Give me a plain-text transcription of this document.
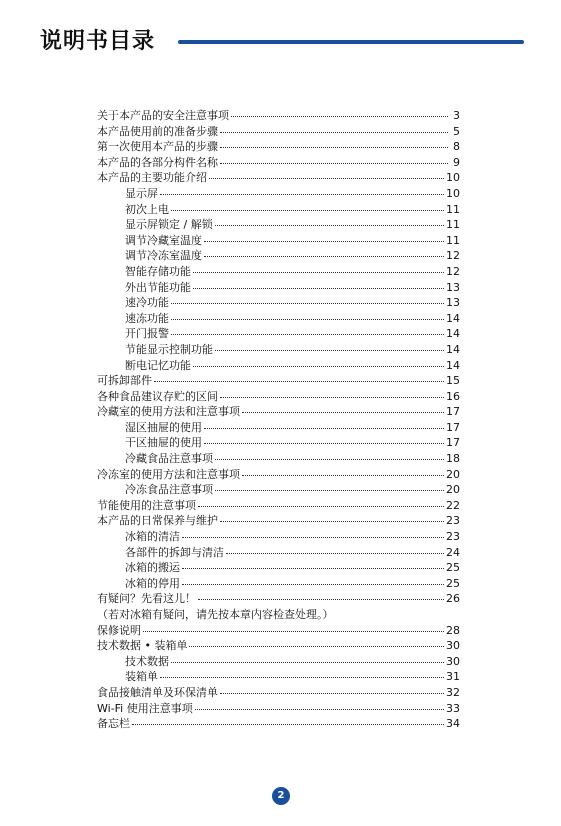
说明书目录
关于本产品的安全注意事项	3
本产品使用前的准备步骤	5
第一次使用本产品的步骤	8
本产品的各部分构件名称	9
本产品的主要功能介绍	10
显示屏	10
初次上电	11
显示屏锁定 / 解锁	11
调节冷藏室温度	11
调节冷冻室温度	12
智能存储功能	12
外出节能功能	13
速冷功能	13
速冻功能	14
开门报警	14
节能显示控制功能	14
断电记忆功能	14
可拆卸部件	15
各种食品建议存贮的区间	16
冷藏室的使用方法和注意事项	17
湿区抽屉的使用	17
干区抽屉的使用	17
冷藏食品注意事项	18
冷冻室的使用方法和注意事项	20
冷冻食品注意事项	20
节能使用的注意事项	22
本产品的日常保养与维护	23
冰箱的清洁	23
各部件的拆卸与清洁	24
冰箱的搬运	25
冰箱的停用	25
有疑问？先看这儿！	26
（若对冰箱有疑问，请先按本章内容检查处理。）
保修说明	28
技术数据 • 装箱单	30
技术数据	30
装箱单	31
食品接触清单及环保清单	32
Wi-Fi 使用注意事项	33
备忘栏	34
2
